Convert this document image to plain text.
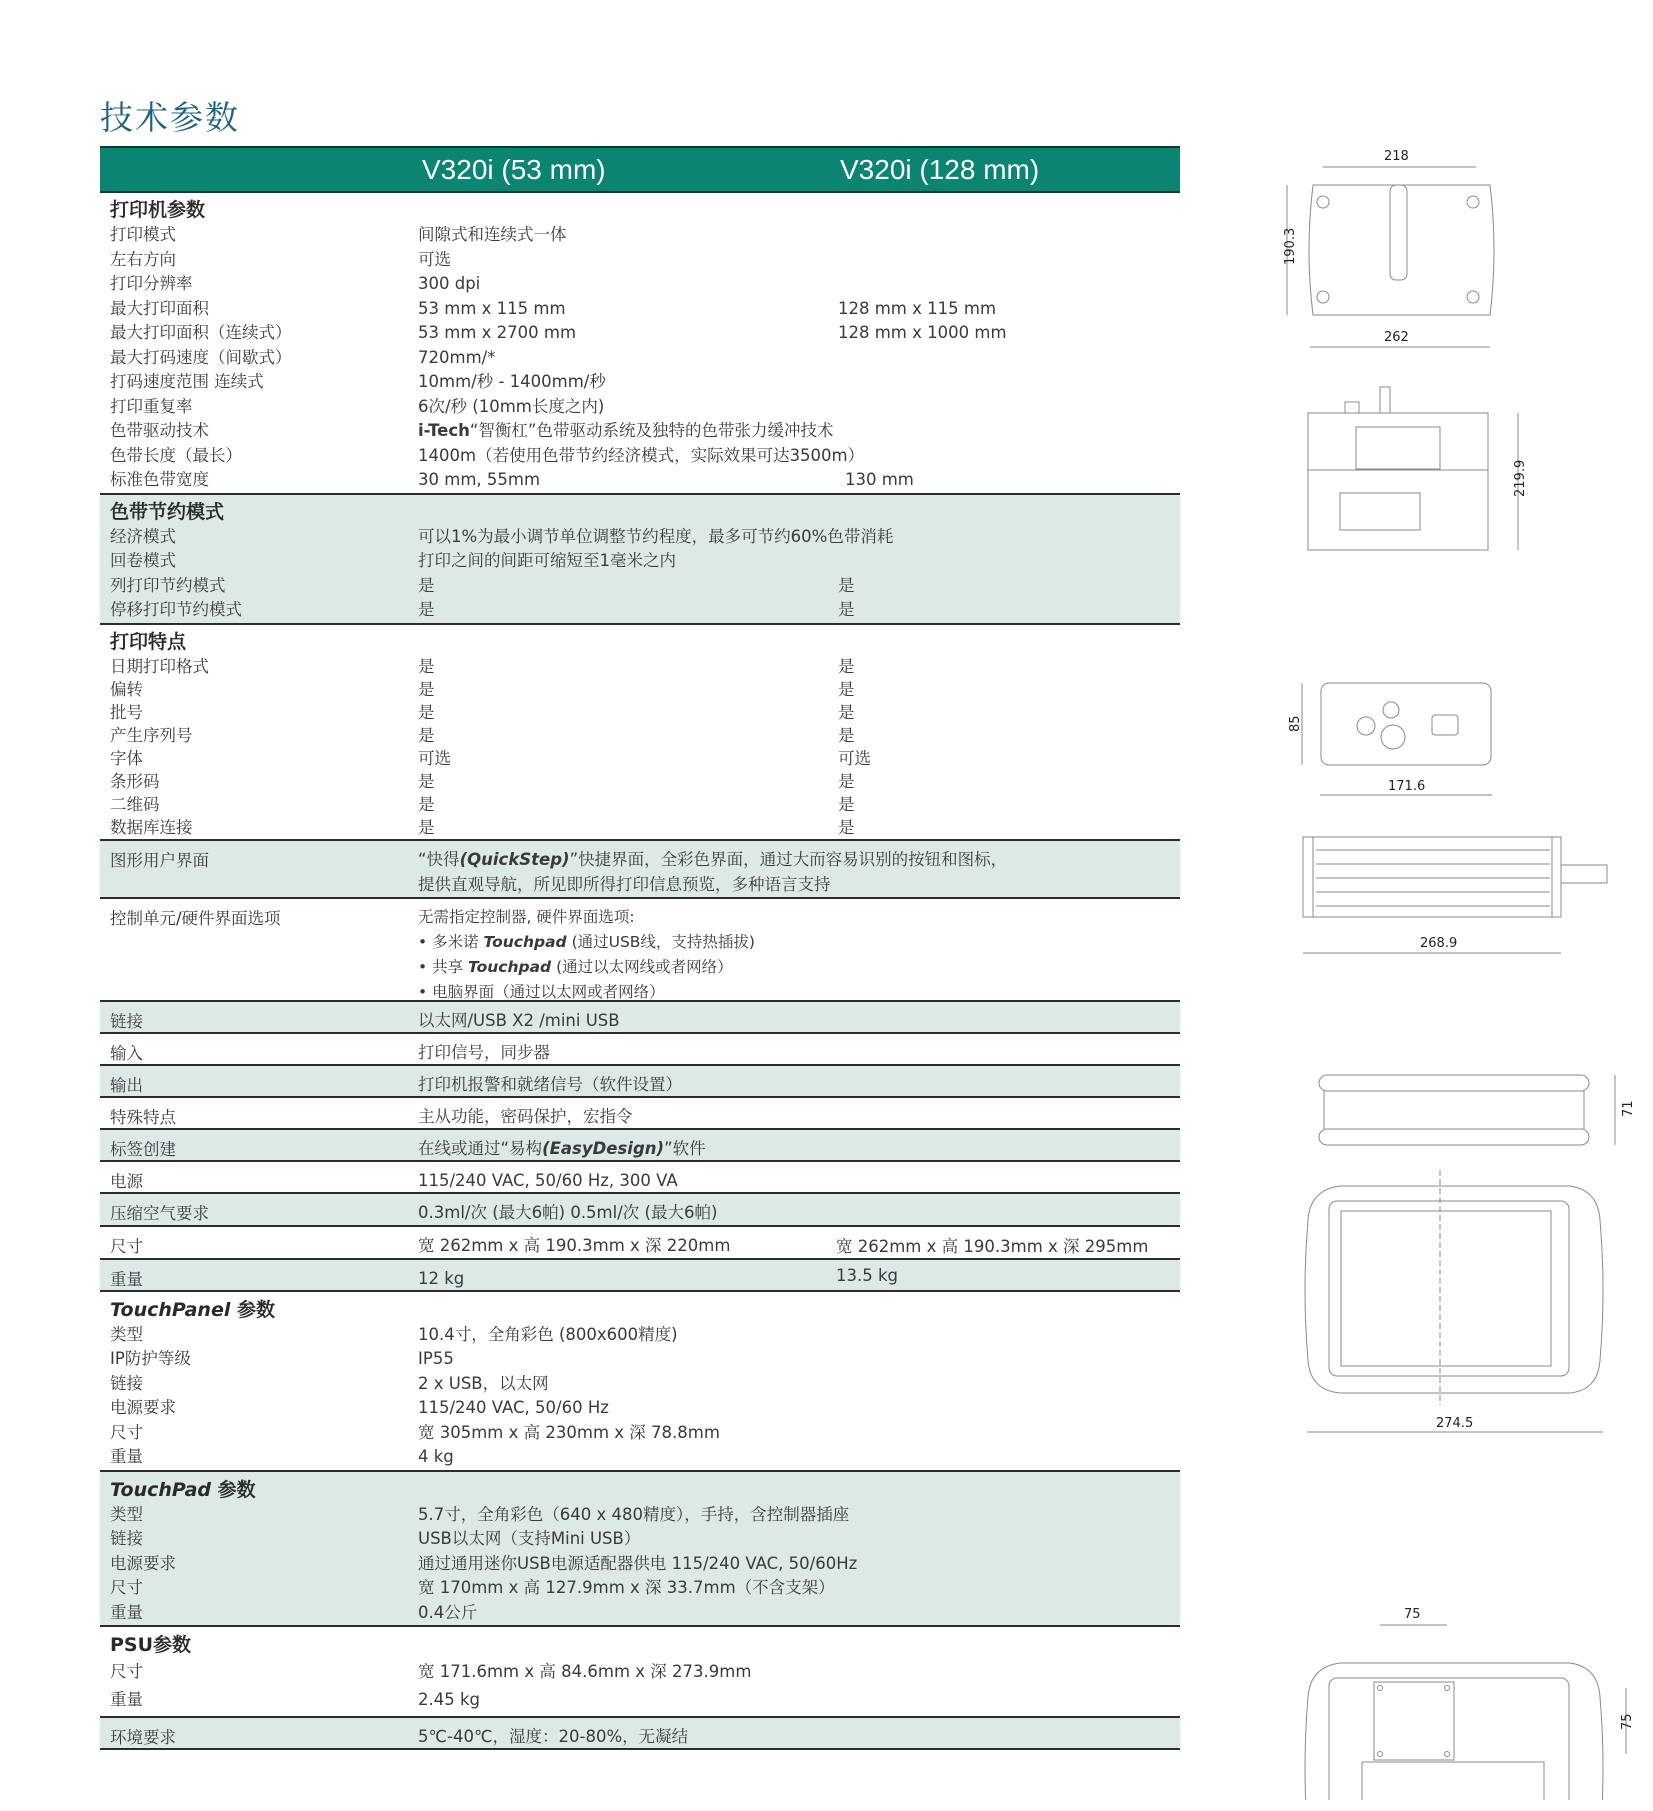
技术参数
V320i (53 mm)	V320i (128 mm)
打印机参数
打印模式	间隙式和连续式一体
左右方向	可选
打印分辨率	300 dpi
最大打印面积	53 mm x 115 mm	128 mm x 115 mm
最大打印面积（连续式）	53 mm x 2700 mm	128 mm x 1000 mm
最大打码速度（间歇式）	720mm/*
打码速度范围 连续式	10mm/秒 - 1400mm/秒
打印重复率	6次/秒 (10mm长度之内)
色带驱动技术	i-Tech“智衡杠”色带驱动系统及独特的色带张力缓冲技术
色带长度（最长）	1400m（若使用色带节约经济模式，实际效果可达3500m）
标准色带宽度	30 mm, 55mm	130 mm
色带节约模式
经济模式	可以1%为最小调节单位调整节约程度，最多可节约60%色带消耗
回卷模式	打印之间的间距可缩短至1毫米之内
列打印节约模式	是	是
停移打印节约模式	是	是
打印特点
日期打印格式	是	是
偏转	是	是
批号	是	是
产生序列号	是	是
字体	可选	可选
条形码	是	是
二维码	是	是
数据库连接	是	是
图形用户界面	“快得(QuickStep)”快捷界面，全彩色界面，通过大而容易识别的按钮和图标，
提供直观导航，所见即所得打印信息预览，多种语言支持
控制单元/硬件界面选项	无需指定控制器, 硬件界面选项:
• 多米诺 Touchpad (通过USB线，支持热插拔)
• 共享 Touchpad (通过以太网线或者网络）
• 电脑界面（通过以太网或者网络）
链接	以太网/USB X2 /mini USB
输入	打印信号，同步器
输出	打印机报警和就绪信号（软件设置）
特殊特点	主从功能，密码保护，宏指令
标签创建	在线或通过“易构(EasyDesign)”软件
电源	115/240 VAC, 50/60 Hz, 300 VA
压缩空气要求	0.3ml/次 (最大6帕) 0.5ml/次 (最大6帕)
尺寸	宽 262mm x 高 190.3mm x 深 220mm	宽 262mm x 高 190.3mm x 深 295mm
重量	12 kg	13.5 kg
TouchPanel 参数
类型	10.4寸，全角彩色 (800x600精度)
IP防护等级	IP55
链接	2 x USB，以太网
电源要求	115/240 VAC, 50/60 Hz
尺寸	宽 305mm x 高 230mm x 深 78.8mm
重量	4 kg
TouchPad 参数
类型	5.7寸，全角彩色（640 x 480精度），手持，含控制器插座
链接	USB以太网（支持Mini USB）
电源要求	通过通用迷你USB电源适配器供电 115/240 VAC, 50/60Hz
尺寸	宽 170mm x 高 127.9mm x 深 33.7mm（不含支架）
重量	0.4公斤
PSU参数
尺寸	宽 171.6mm x 高 84.6mm x 深 273.9mm
重量	2.45 kg
环境要求	5℃-40℃，湿度：20-80%，无凝结
218
190.3
262
219.9
85
171.6
268.9
71
274.5
75
75
